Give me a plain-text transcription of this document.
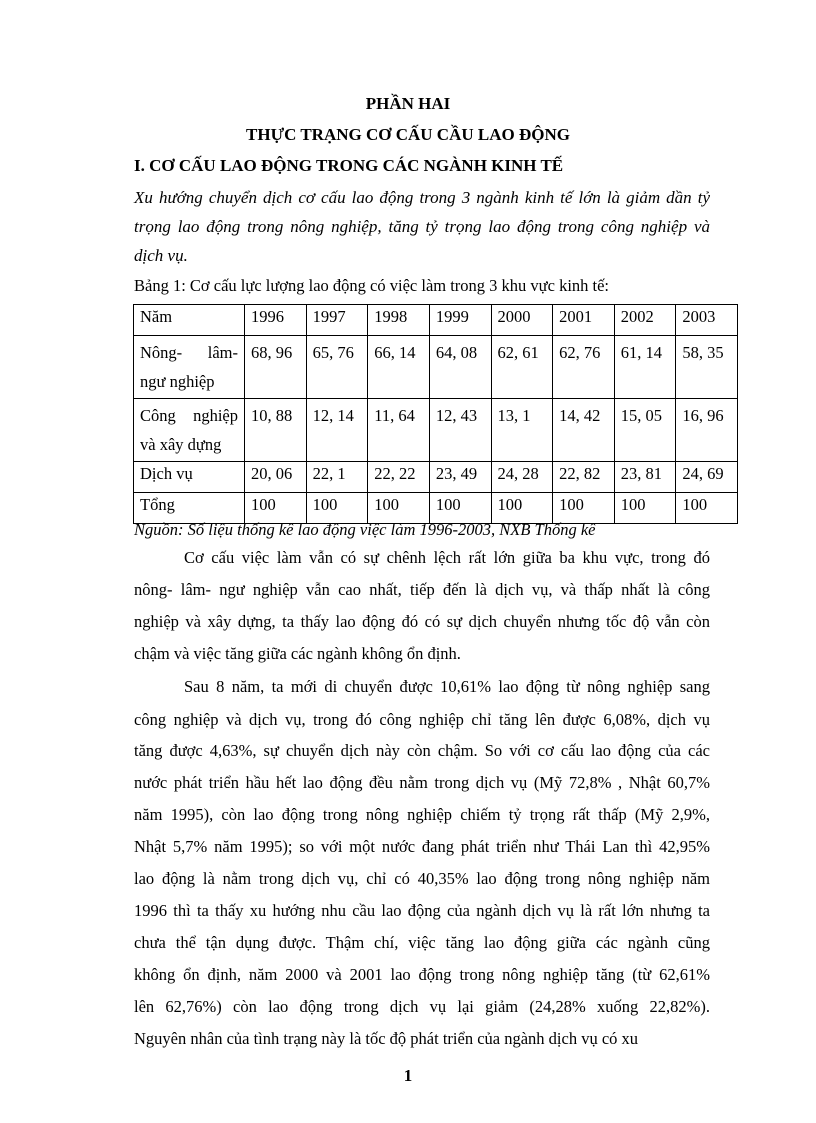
PHẦN HAI
THỰC TRẠNG CƠ CẤU CẦU LAO ĐỘNG
I. CƠ CẤU LAO ĐỘNG TRONG CÁC NGÀNH KINH TẾ
Xu hướng chuyển dịch cơ cấu lao động trong 3 ngành kinh tế lớn là giảm dần tỷ
trọng lao động trong nông nghiệp, tăng tỷ trọng lao động trong công nghiệp và
dịch vụ.
Bảng 1: Cơ cấu lực lượng lao động có việc làm trong 3 khu vực kinh tế:
Năm	1996	1997	1998	1999	2000	2001	2002	2003

Nông- lâm-
ngư nghiệp	68, 96	65, 76	66, 14	64, 08	62, 61	62, 76	61, 14	58, 35

Công nghiệp
và xây dựng	10, 88	12, 14	11, 64	12, 43	13, 1	14, 42	15, 05	16, 96
Dịch vụ	20, 06	22, 1	22, 22	23, 49	24, 28	22, 82	23, 81	24, 69
Tổng	100	100	100	100	100	100	100	100
Nguồn: Số liệu thống kê lao động việc làm 1996-2003, NXB Thống kê
Cơ cấu việc làm vẫn có sự chênh lệch rất lớn giữa ba khu vực, trong đó
nông- lâm- ngư nghiệp vẫn cao nhất, tiếp đến là dịch vụ, và thấp nhất là công
nghiệp và xây dựng, ta thấy lao động đó có sự dịch chuyển nhưng tốc độ vẫn còn
chậm và việc tăng giữa các ngành không ổn định.
Sau 8 năm, ta mới di chuyển được 10,61% lao động từ nông nghiệp sang
công nghiệp và dịch vụ, trong đó công nghiệp chỉ tăng lên được 6,08%, dịch vụ
tăng được 4,63%, sự chuyển dịch này còn chậm. So với cơ cấu lao động của các
nước phát triển hầu hết lao động đều nằm trong dịch vụ (Mỹ 72,8% , Nhật 60,7%
năm 1995), còn lao động trong nông nghiệp chiếm tỷ trọng rất thấp (Mỹ 2,9%,
Nhật 5,7% năm 1995); so với một nước đang phát triển như Thái Lan thì 42,95%
lao động là nằm trong dịch vụ, chỉ có 40,35% lao động trong nông nghiệp năm
1996 thì ta thấy xu hướng nhu cầu lao động của ngành dịch vụ là rất lớn nhưng ta
chưa thể tận dụng được. Thậm chí, việc tăng lao động giữa các ngành cũng
không ổn định, năm 2000 và 2001 lao động trong nông nghiệp tăng (từ 62,61%
lên 62,76%) còn lao động trong dịch vụ lại giảm (24,28% xuống 22,82%).
Nguyên nhân của tình trạng này là tốc độ phát triển của ngành dịch vụ có xu
1
